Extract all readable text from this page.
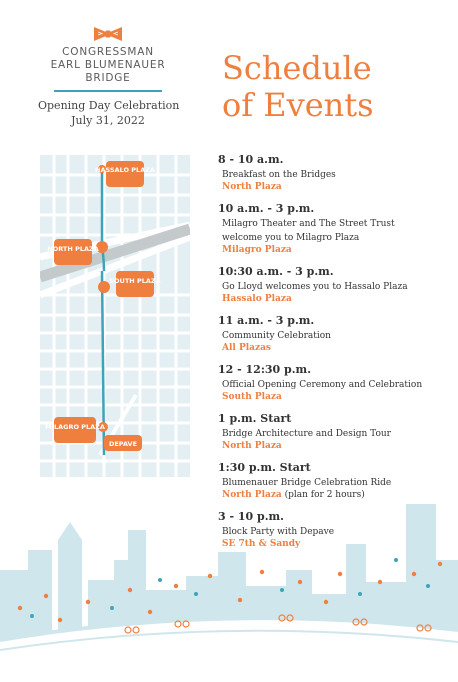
CONGRESSMAN
EARL BLUMENAUER
BRIDGE
Opening Day Celebration
July 31, 2022
Schedule
of Events
HASSALO PLAZA
NORTH PLAZA
SOUTH PLAZA
MILAGRO PLAZA
DEPAVE
8 - 10 a.m.
Breakfast on the Bridges
North Plaza
10 a.m. - 3 p.m.
Milagro Theater and The Street Trust
welcome you to Milagro Plaza
Milagro Plaza
10:30 a.m. - 3 p.m.
Go Lloyd welcomes you to Hassalo Plaza
Hassalo Plaza
11 a.m. - 3 p.m.
Community Celebration
All Plazas
12 - 12:30 p.m.
Official Opening Ceremony and Celebration
South Plaza
1 p.m. Start
Bridge Architecture and Design Tour
North Plaza
1:30 p.m. Start
Blumenauer Bridge Celebration Ride
North Plaza (plan for 2 hours)
3 - 10 p.m.
Block Party with Depave
SE 7th & Sandy
